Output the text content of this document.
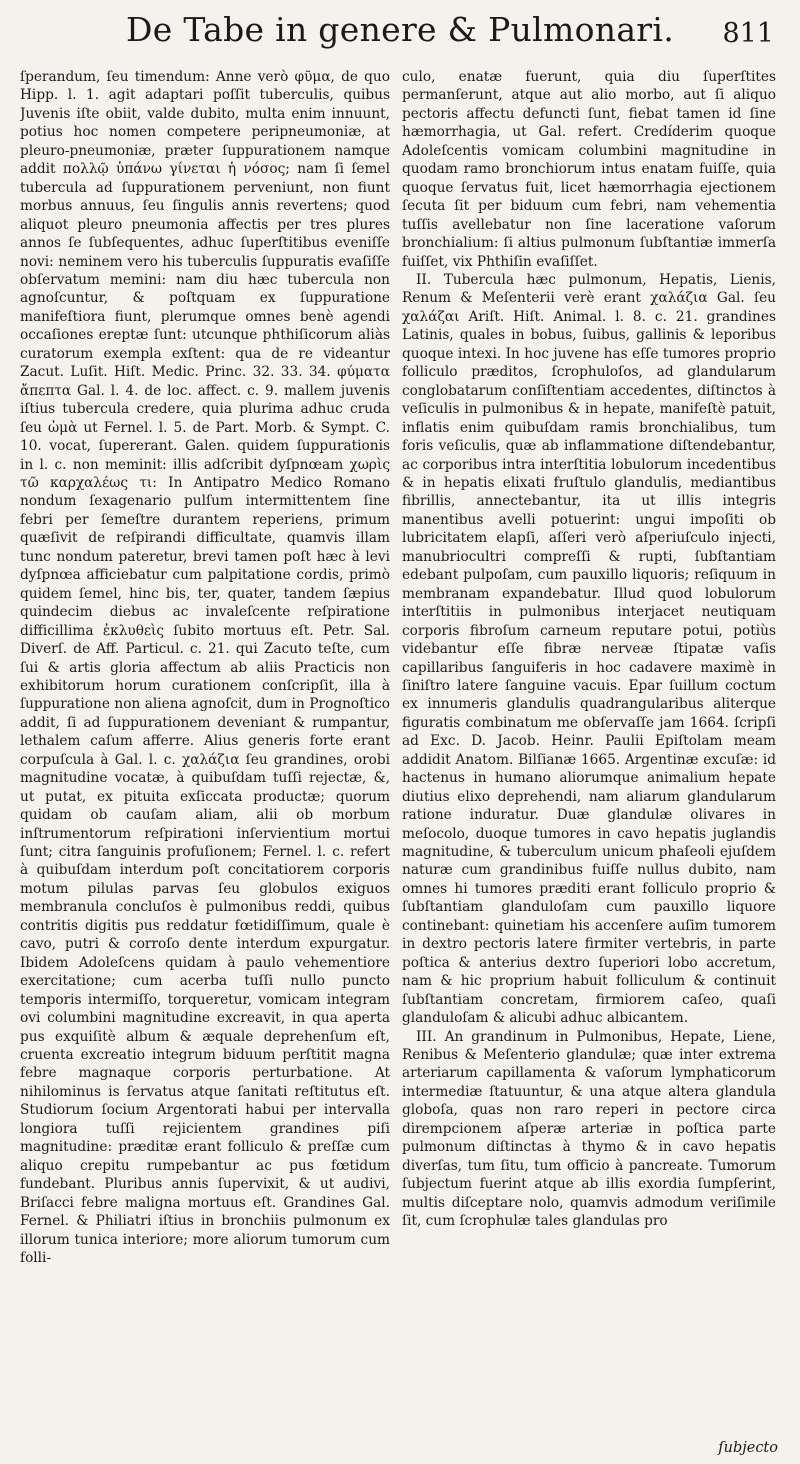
De Tabe in genere & Pulmonari.	811

ſperandum, ſeu timendum: Anne verò φῦμα, de quo Hipp. l. 1. agit adaptari poſſit tuberculis, quibus Juvenis iſte obiit, valde dubito, multa enim innuunt, potius hoc nomen competere peripneumoniæ, at pleuro-pneumoniæ, præter ſuppurationem namque addit πολλῷ ὑπάνω γίνεται ἡ νόσος; nam ſi ſemel tubercula ad ſuppurationem perveniunt, non fiunt morbus annuus, ſeu ſingulis annis revertens; quod aliquot pleuro pneumonia affectis per tres plures annos ſe ſubſequentes, adhuc ſuperſtitibus eveniſſe novi: neminem vero his tuberculis ſuppuratis evaſiſſe obſervatum memini: nam diu hæc tubercula non agnoſcuntur, & poſtquam ex ſuppuratione manifeſtiora fiunt, plerumque omnes benè agendi occaſiones ereptæ ſunt: utcunque phthiſicorum aliàs curatorum exempla exſtent: qua de re videantur Zacut. Luſit. Hiſt. Medic. Princ. 32. 33. 34. φύματα ἄπεπτα Gal. l. 4. de loc. affect. c. 9. mallem juvenis iſtius tubercula credere, quia plurima adhuc cruda ſeu ὠμὰ ut Fernel. l. 5. de Part. Morb. & Sympt. C. 10. vocat, ſupererant. Galen. quidem ſuppurationis in l. c. non meminit: illis adſcribit dyſpnœam χωρὶς τῶ καρχαλέως τι: In Antipatro Medico Romano nondum ſexagenario pulſum intermittentem ſine febri per ſemeſtre durantem reperiens, primum quæſivit de reſpirandi difficultate, quamvis illam tunc nondum pateretur, brevi tamen poſt hæc à levi dyſpnœa afficiebatur cum palpitatione cordis, primò quidem ſemel, hinc bis, ter, quater, tandem ſæpius quindecim diebus ac invaleſcente reſpiratione difficillima ἐκλυθεὶς ſubito mortuus eſt. Petr. Sal. Diverſ. de Aff. Particul. c. 21. qui Zacuto teſte, cum ſui & artis gloria affectum ab aliis Practicis non exhibitorum horum curationem conſcripſit, illa à ſuppuratione non aliena agnoſcit, dum in Prognoſtico addit, ſi ad ſuppurationem deveniant & rumpantur, lethalem caſum afferre. Alius generis forte erant corpuſcula à Gal. l. c. χαλάζια ſeu grandines, orobi magnitudine vocatæ, à quibuſdam tuſſi rejectæ, &, ut putat, ex pituita exſiccata productæ; quorum quidam ob cauſam aliam, alii ob morbum inſtrumentorum reſpirationi inſervientium mortui ſunt; citra ſanguinis profuſionem; Fernel. l. c. refert à quibuſdam interdum poſt concitatiorem corporis motum pilulas parvas ſeu globulos exiguos membranula concluſos è pulmonibus reddi, quibus contritis digitis pus reddatur fœtidiſſimum, quale è cavo, putri & corroſo dente interdum expurgatur. Ibidem Adoleſcens quidam à paulo vehementiore exercitatione; cum acerba tuſſi nullo puncto temporis intermiſſo, torqueretur, vomicam integram ovi columbini magnitudine excreavit, in qua aperta pus exquiſitè album & æquale deprehenſum eſt, cruenta excreatio integrum biduum perſtitit magna febre magnaque corporis perturbatione. At nihilominus is ſervatus atque ſanitati reſtitutus eſt. Studiorum ſocium Argentorati habui per intervalla longiora tuſſi rejicientem grandines piſi magnitudine: præditæ erant folliculo & preſſæ cum aliquo crepitu rumpebantur ac pus fœtidum fundebant. Pluribus annis ſupervixit, & ut audivi, Briſacci febre maligna mortuus eſt. Grandines Gal. Fernel. & Philiatri iſtius in bronchiis pulmonum ex illorum tunica interiore; more aliorum tumorum cum folli-

culo, enatæ fuerunt, quia diu ſuperſtites permanſerunt, atque aut alio morbo, aut ſi aliquo pectoris affectu defuncti ſunt, fiebat tamen id ſine hæmorrhagia, ut Gal. refert. Credíderim quoque Adoleſcentis vomicam columbini magnitudine in quodam ramo bronchiorum intus enatam fuiſſe, quia quoque ſervatus fuit, licet hæmorrhagia ejectionem ſecuta ſit per biduum cum febri, nam vehementia tuſſis avellebatur non ſine laceratione vaſorum bronchialium: ſi altius pulmonum ſubſtantiæ immerſa fuiſſet, vix Phthiſin evaſiſſet.

II. Tubercula hæc pulmonum, Hepatis, Lienis, Renum & Meſenterii verè erant χαλάζια Gal. ſeu χαλάζαι Ariſt. Hiſt. Animal. l. 8. c. 21. grandines Latinis, quales in bobus, ſuibus, gallinis & leporibus quoque intexi. In hoc juvene has eſſe tumores proprio folliculo præditos, ſcrophuloſos, ad glandularum conglobatarum conſiſtentiam accedentes, diſtinctos à veſiculis in pulmonibus & in hepate, manifeſtè patuit, inflatis enim quibuſdam ramis bronchialibus, tum foris veſiculis, quæ ab inflammatione diſtendebantur, ac corporibus intra interſtitia lobulorum incedentibus & in hepatis elixati fruſtulo glandulis, mediantibus fibrillis, annectebantur, ita ut illis integris manentibus avelli potuerint: ungui impoſiti ob lubricitatem elapſi, aſſeri verò aſperiuſculo injecti, manubriocultri compreſſi & rupti, ſubſtantiam edebant pulpoſam, cum pauxillo liquoris; reſiquum in membranam expandebatur. Illud quod lobulorum interſtitiis in pulmonibus interjacet neutiquam corporis fibroſum carneum reputare potui, potiùs videbantur eſſe fibræ nerveæ ſtipatæ vaſis capillaribus ſanguiferis in hoc cadavere maximè in ſiniſtro latere ſanguine vacuis. Epar ſuillum coctum ex innumeris glandulis quadrangularibus aliterque figuratis combinatum me obſervaſſe jam 1664. ſcripſi ad Exc. D. Jacob. Heinr. Paulii Epiſtolam meam addidit Anatom. Bilſianæ 1665. Argentinæ excuſæ: id hactenus in humano aliorumque animalium hepate diutius elixo deprehendi, nam aliarum glandularum ratione induratur. Duæ glandulæ olivares in meſocolo, duoque tumores in cavo hepatis juglandis magnitudine, & tuberculum unicum phaſeoli ejuſdem naturæ cum grandinibus fuiſſe nullus dubito, nam omnes hi tumores præditi erant folliculo proprio & ſubſtantiam glanduloſam cum pauxillo liquore continebant: quinetiam his accenſere auſim tumorem in dextro pectoris latere firmiter vertebris, in parte poſtica & anterius dextro ſuperiori lobo accretum, nam & hic proprium habuit folliculum & continuit ſubſtantiam concretam, firmiorem caſeo, quaſi glanduloſam & alicubi adhuc albicantem.

III. An grandinum in Pulmonibus, Hepate, Liene, Renibus & Meſenterio glandulæ; quæ inter extrema arteriarum capillamenta & vaſorum lymphaticorum intermediæ ſtatuuntur, & una atque altera glandula globoſa, quas non raro reperi in pectore circa dirempcionem aſperæ arteriæ in poſtica parte pulmonum diſtinctas à thymo & in cavo hepatis diverſas, tum ſitu, tum officio à pancreate. Tumorum ſubjectum fuerint atque ab illis exordia ſumpſerint, multis diſceptare nolo, quamvis admodum veriſimile ſit, cum ſcrophulæ tales glandulas pro

ſubjecto
